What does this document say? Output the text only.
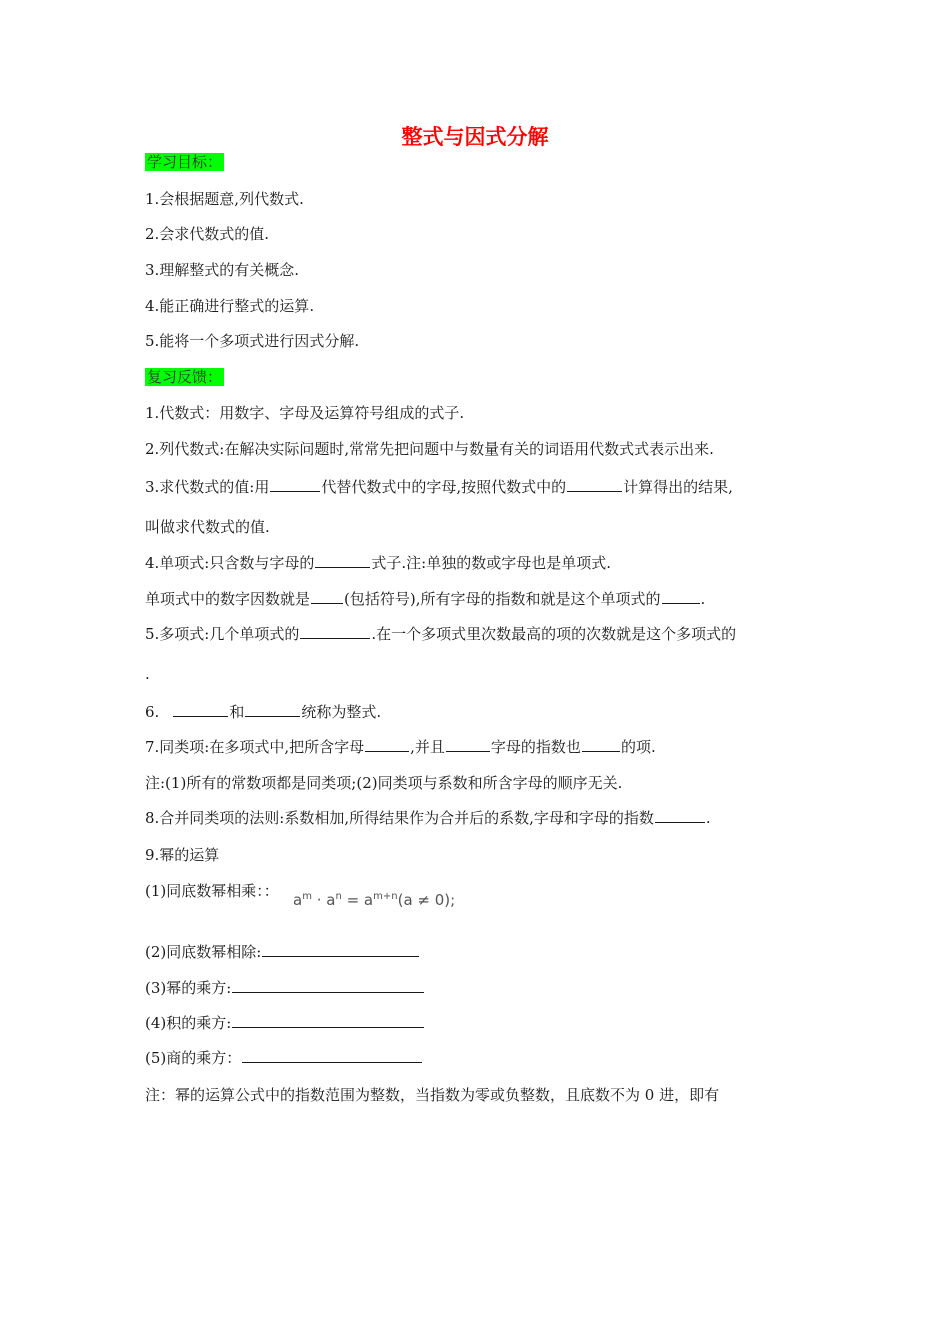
整式与因式分解
学习目标：
1.会根据题意,列代数式.
2.会求代数式的值.
3.理解整式的有关概念.
4.能正确进行整式的运算.
5.能将一个多项式进行因式分解.
复习反馈：
1.代数式：用数字、字母及运算符号组成的式子.
2.列代数式:在解决实际问题时,常常先把问题中与数量有关的词语用代数式式表示出来.
3.求代数式的值:用	代替代数式中的字母,按照代数式中的	计算得出的结果,
叫做求代数式的值.
4.单项式:只含数与字母的	式子.注:单独的数或字母也是单项式.
单项式中的数字因数就是 (包括符号),所有字母的指数和就是这个单项式的	.
5.多项式:几个单项式的	.在一个多项式里次数最高的项的次数就是这个多项式的
.
6.	和	统称为整式.
7.同类项:在多项式中,把所含字母	,并且	字母的指数也	的项.
注:(1)所有的常数项都是同类项;(2)同类项与系数和所含字母的顺序无关.
8.合并同类项的法则:系数相加,所得结果作为合并后的系数,字母和字母的指数	.
9.幂的运算
(1)同底数幂相乘：： $a^m \cdot a^n = a^{m+n}(a \ne 0)$;
(2)同底数幂相除:
(3)幂的乘方:
(4)积的乘方:
(5)商的乘方：
注：幂的运算公式中的指数范围为整数，当指数为零或负整数，且底数不为 0 进，即有
